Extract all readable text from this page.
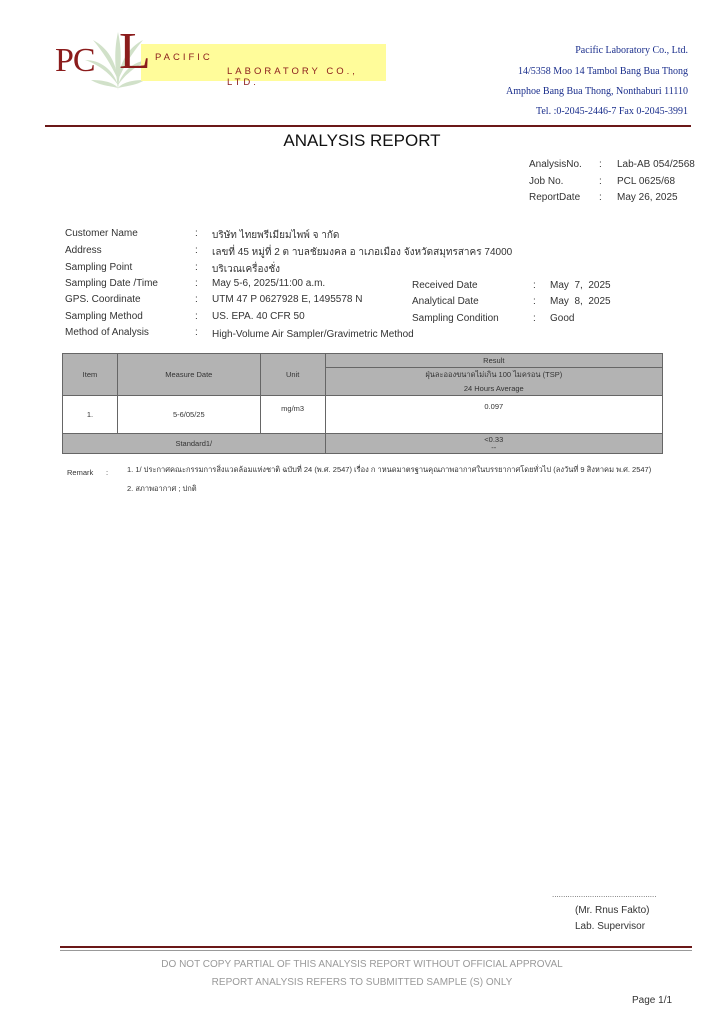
PC L PACIFIC
LABORATORY CO., LTD.
Pacific Laboratory Co., Ltd.
14/5358 Moo 14 Tambol Bang Bua Thong
Amphoe Bang Bua Thong, Nonthaburi 11110
Tel. :0-2045-2446-7 Fax 0-2045-3991
ANALYSIS REPORT
AnalysisNo. : Lab-AB 054/2568
Job No.	: PCL 0625/68
ReportDate : May 26, 2025
Customer Name	: บริษัท ไทยพรีเมียมไพพ์ จ ากัด
Address	: เลขที่ 45 หมู่ที่ 2 ต าบลชัยมงคล อ าเภอเมือง จังหวัดสมุทรสาคร 74000
Sampling Point	: บริเวณเครื่องชั่ง
Sampling Date /Time	: May 5-6, 2025/11:00 a.m.
GPS. Coordinate	: UTM 47 P 0627928 E, 1495578 N
Sampling Method	: US. EPA. 40 CFR 50
Method of Analysis	: High-Volume Air Sampler/Gravimetric Method
Received Date	: May  7,  2025
Analytical Date	: May  8,  2025
Sampling Condition	: Good
Item	Measure Date	Unit	Result
			ฝุ่นละอองขนาดไม่เกิน 100 ไมครอน (TSP)
			24 Hours Average
1.	5-6/05/25	mg/m3	0.097
Standard1/			<0.33
--
Remark :	1. 1/ ประกาศคณะกรรมการสิ่งแวดล้อมแห่งชาติ ฉบับที่ 24 (พ.ศ. 2547) เรื่อง ก าหนดมาตรฐานคุณภาพอากาศในบรรยากาศโดยทั่วไป (ลงวันที่ 9 สิงหาคม พ.ศ. 2547)
2. สภาพอากาศ ; ปกติ
...............................................
(Mr. Rnus Fakto)
Lab. Supervisor
DO NOT COPY PARTIAL OF THIS ANALYSIS REPORT WITHOUT OFFICIAL APPROVAL
REPORT ANALYSIS REFERS TO SUBMITTED SAMPLE (S) ONLY
Page 1/1
